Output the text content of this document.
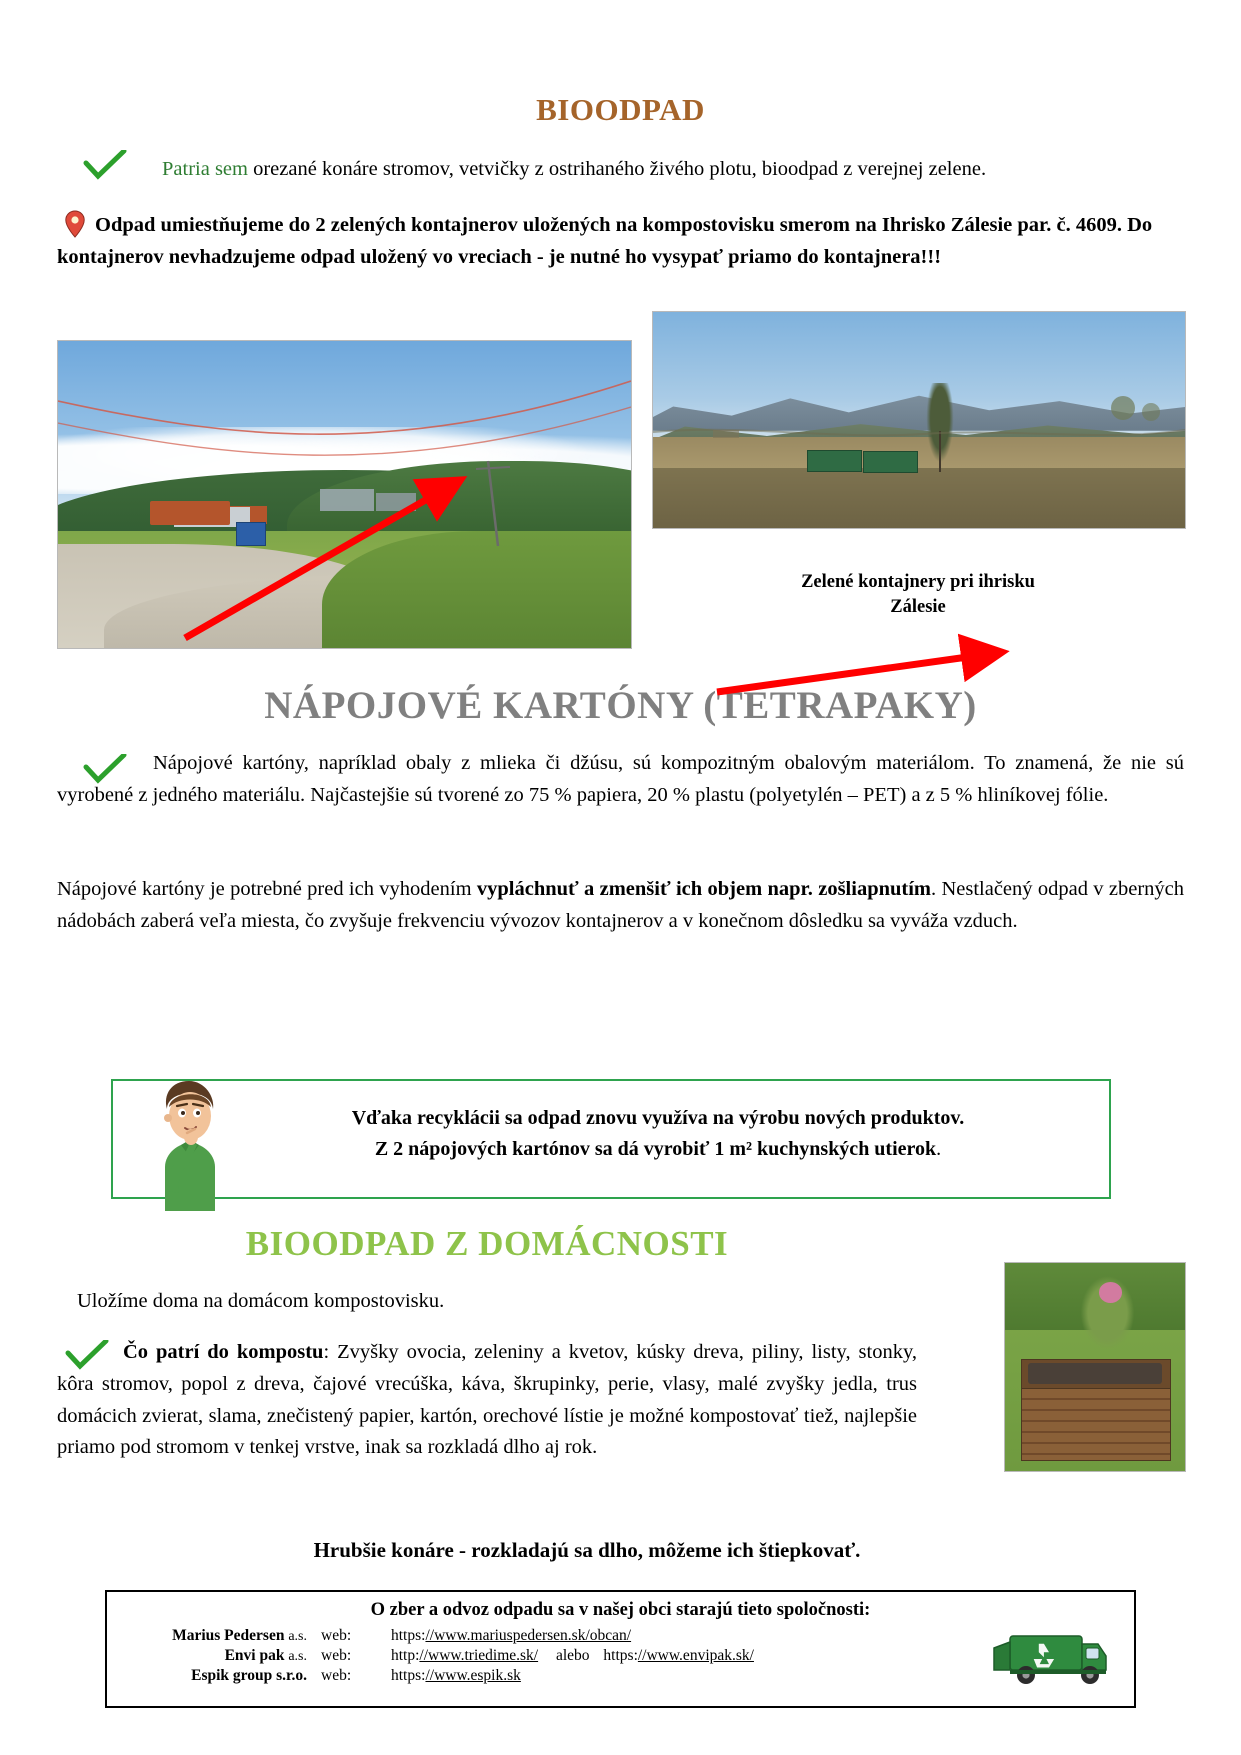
BIOODPAD

Patria sem orezané konáre stromov, vetvičky z ostrihaného živého plotu, bioodpad z verejnej zelene.

Odpad umiestňujeme do 2 zelených kontajnerov uložených na kompostovisku smerom na Ihrisko Zálesie par. č. 4609. Do kontajnerov nevhadzujeme odpad uložený vo vreciach - je nutné ho vysypať priamo do kontajnera!!!

Zelené kontajnery pri ihrisku
Zálesie
NÁPOJOVÉ KARTÓNY (TETRAPAKY)

Nápojové kartóny, napríklad obaly z mlieka či džúsu, sú kompozitným obalovým materiálom. To znamená, že nie sú vyrobené z jedného materiálu. Najčastejšie sú tvorené zo 75 % papiera, 20 % plastu (polyetylén – PET) a z 5 % hliníkovej fólie.

Nápojové kartóny je potrebné pred ich vyhodením vypláchnuť a zmenšiť ich objem napr. zošliapnutím. Nestlačený odpad v zberných nádobách zaberá veľa miesta, čo zvyšuje frekvenciu vývozov kontajnerov a v konečnom dôsledku sa vyváža vzduch.

Vďaka recyklácii sa odpad znovu využíva na výrobu nových produktov.
Z 2 nápojových kartónov sa dá vyrobiť 1 m² kuchynských utierok.
BIOODPAD Z DOMÁCNOSTI

Uložíme doma na domácom kompostovisku.

Čo patrí do kompostu: Zvyšky ovocia, zeleniny a kvetov, kúsky dreva, piliny, listy, stonky, kôra stromov, popol z dreva, čajové vrecúška, káva, škrupinky, perie, vlasy, malé zvyšky jedla, trus domácich zvierat, slama, znečistený papier, kartón, orechové lístie je možné kompostovať tiež, najlepšie priamo pod stromom v tenkej vrstve, inak sa rozkladá dlho aj rok.

Hrubšie konáre - rozkladajú sa dlho, môžeme ich štiepkovať.
O zber a odvoz odpadu sa v našej obci starajú tieto spoločnosti:
Marius Pedersen a.s. web:	https://www.mariuspedersen.sk/obcan/
Envi pak a.s. web:	http://www.triedime.sk/ alebo https://www.envipak.sk/
Espik group s.r.o. web:	https://www.espik.sk
